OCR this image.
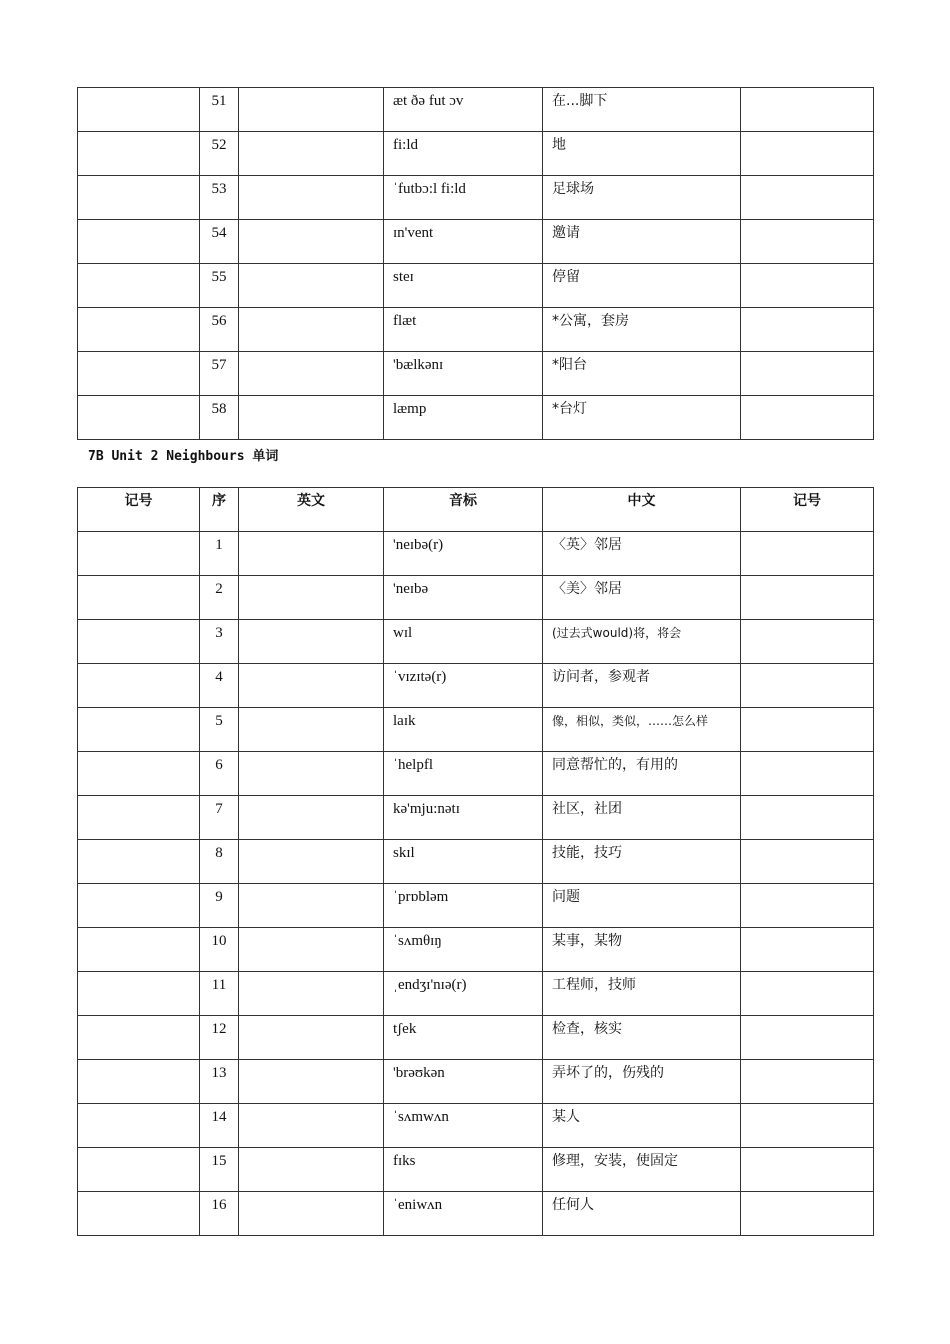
	51		æt ðə fut ɔv	在...脚下	
	52		fi:ld	地	
	53		ˈfutbɔ:l fi:ld	足球场	
	54		ɪn'vent	邀请	
	55		steɪ	停留	
	56		flæt	*公寓，套房	
	57		'bælkənɪ	*阳台	
	58		læmp	*台灯	
7B Unit 2 Neighbours 单词
记号	序	英文	音标	中文	记号
	1		'neɪbə(r)	〈英〉邻居	
	2		'neɪbə	〈美〉邻居	
	3		wɪl	(过去式would)将，将会	
	4		ˈvɪzɪtə(r)	访问者，参观者	
	5		laɪk	像，相似，类似，……怎么样	
	6		ˈhelpfl	同意帮忙的，有用的	
	7		kə'mju:nətɪ	社区，社团	
	8		skɪl	技能，技巧	
	9		ˈprɒbləm	问题	
	10		ˈsʌmθɪŋ	某事，某物	
	11		ˌendʒɪ'nɪə(r)	工程师，技师	
	12		tʃek	检查，核实	
	13		'brəʊkən	弄坏了的，伤残的	
	14		ˈsʌmwʌn	某人	
	15		fɪks	修理，安装，使固定	
	16		ˈeniwʌn	任何人	
